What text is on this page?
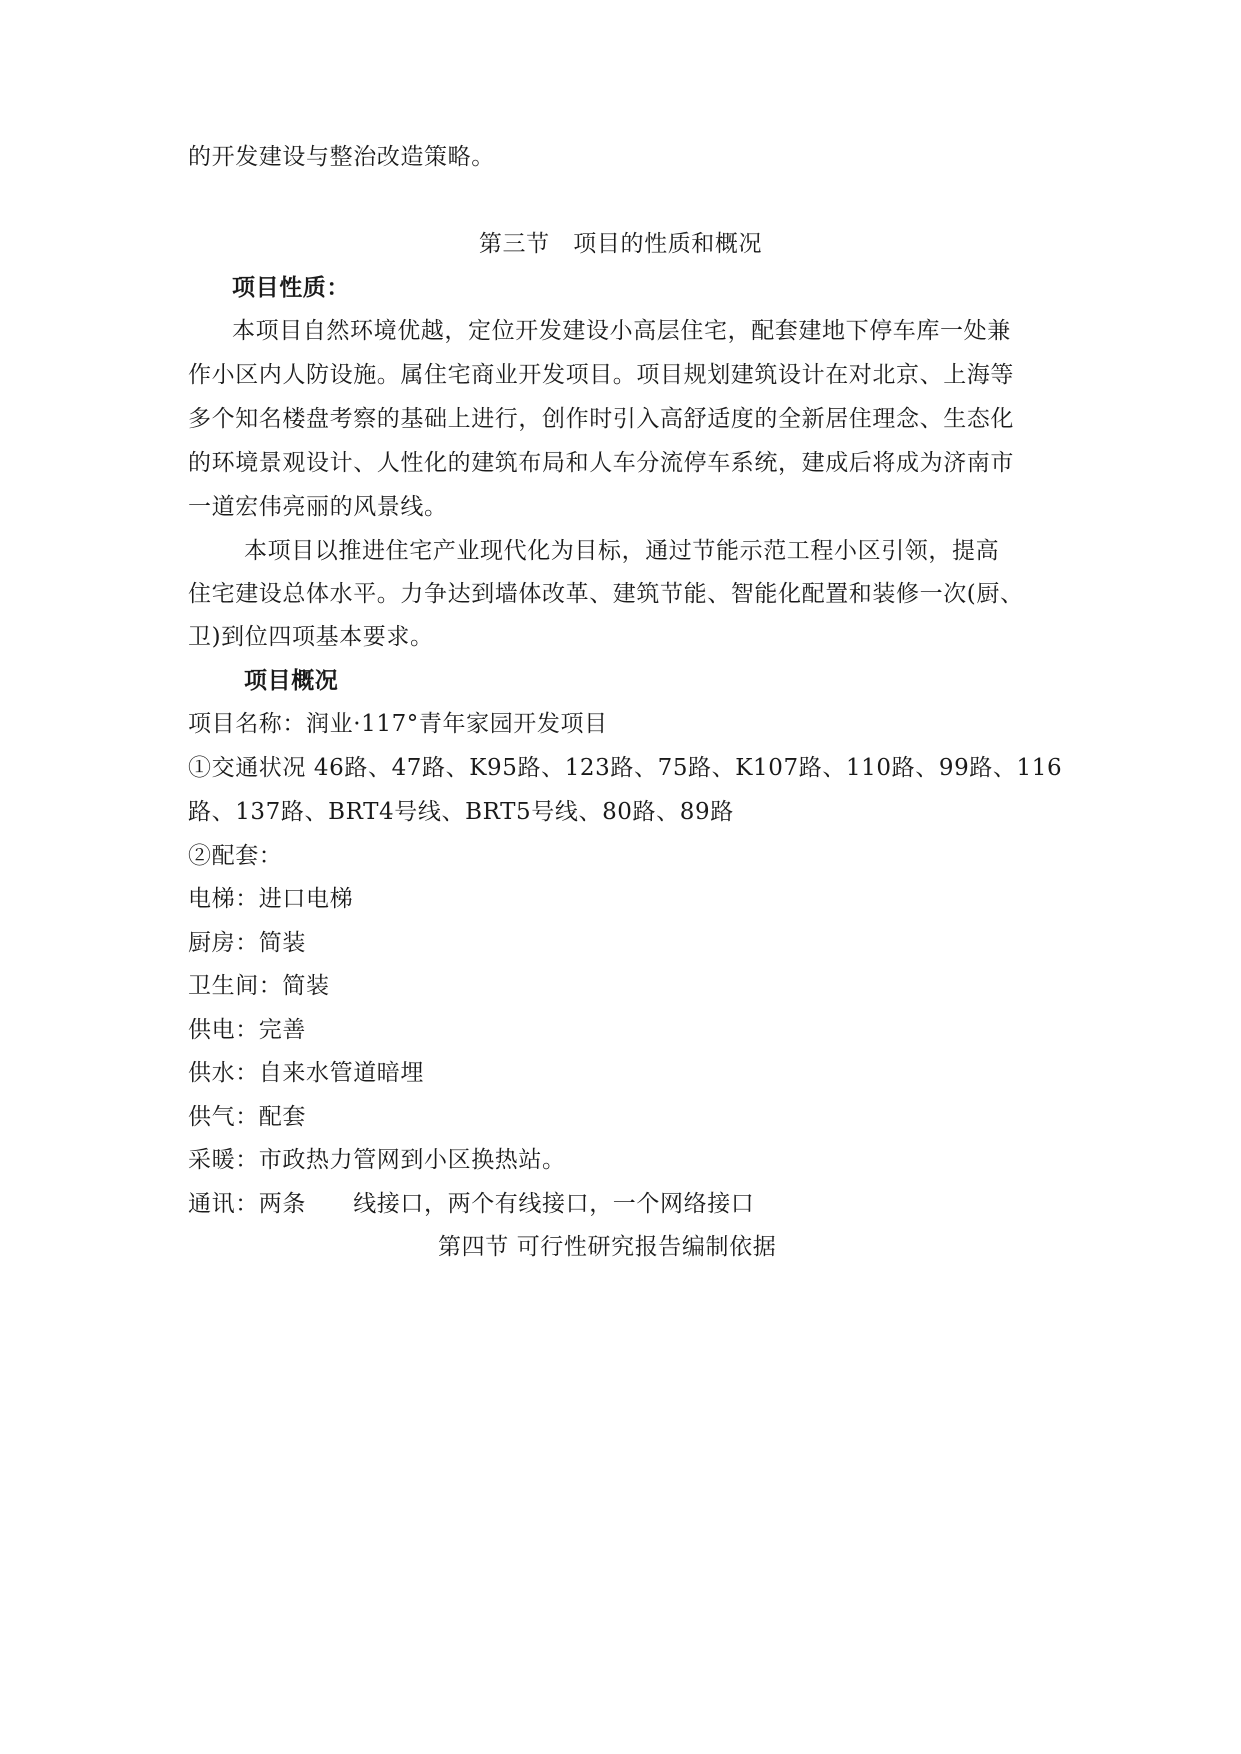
的开发建设与整治改造策略。
第三节　项目的性质和概况
项目性质：
本项目自然环境优越，定位开发建设小高层住宅，配套建地下停车库一处兼
作小区内人防设施。属住宅商业开发项目。项目规划建筑设计在对北京、上海等
多个知名楼盘考察的基础上进行，创作时引入高舒适度的全新居住理念、生态化
的环境景观设计、人性化的建筑布局和人车分流停车系统，建成后将成为济南市
一道宏伟亮丽的风景线。
本项目以推进住宅产业现代化为目标，通过节能示范工程小区引领，提高
住宅建设总体水平。力争达到墙体改革、建筑节能、智能化配置和装修一次(厨、
卫)到位四项基本要求。
项目概况
项目名称：润业·117°青年家园开发项目
①交通状况 46路、47路、K95路、123路、75路、K107路、110路、99路、116
路、137路、BRT4号线、BRT5号线、80路、89路
②配套：
电梯：进口电梯
厨房：简装
卫生间：简装
供电：完善
供水：自来水管道暗埋
供气：配套
采暖：市政热力管网到小区换热站。
通讯：两条　　线接口，两个有线接口，一个网络接口
第四节 可行性研究报告编制依据
